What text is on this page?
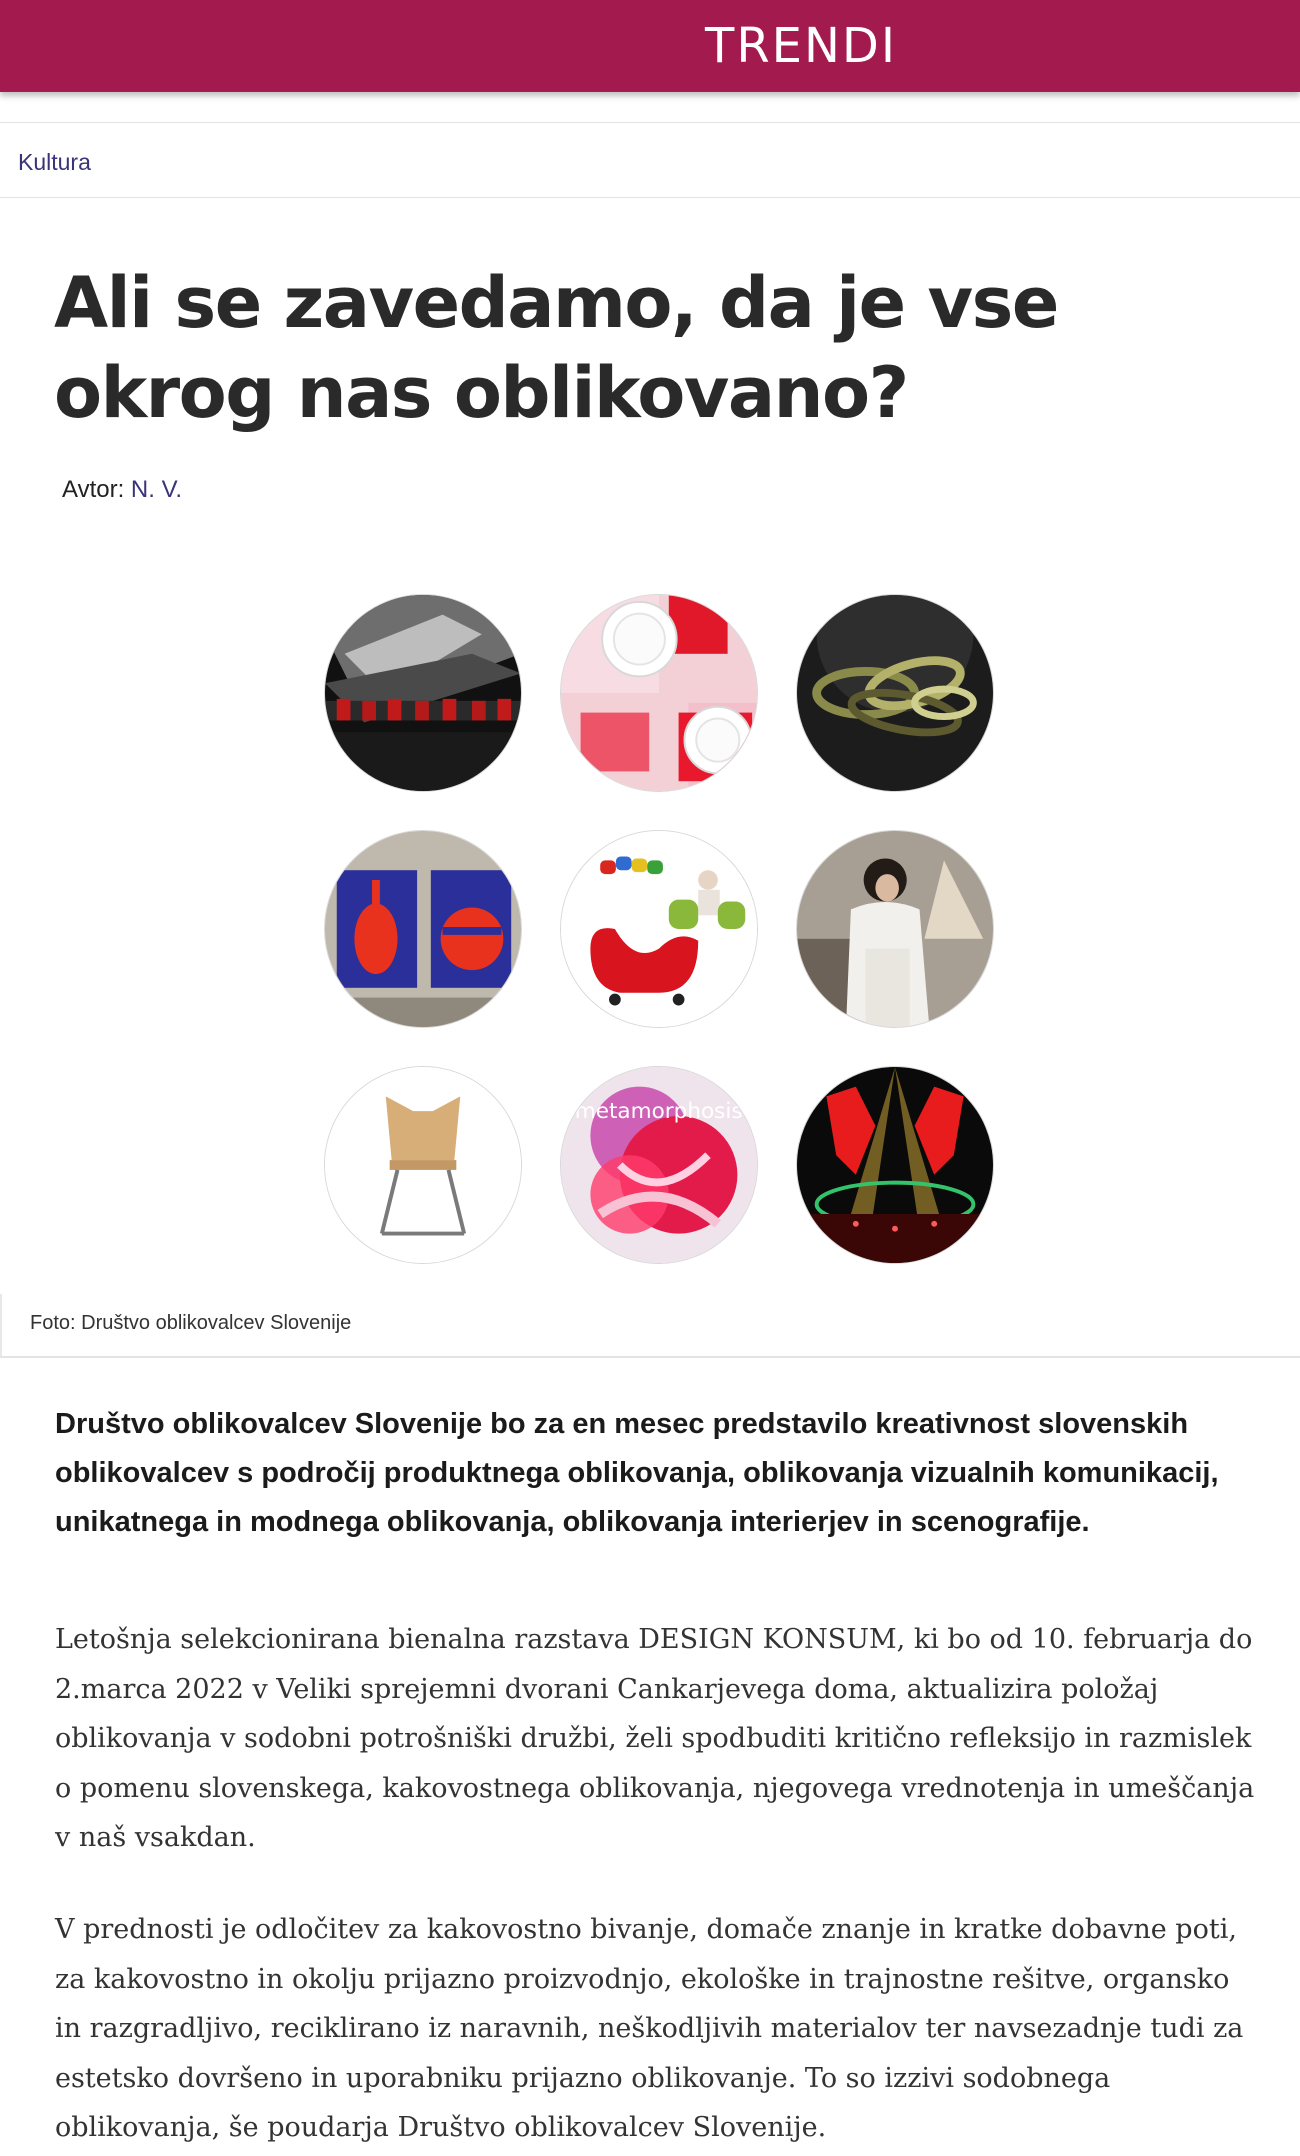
TRENDI
Kultura
Ali se zavedamo, da je vse okrog nas oblikovano?
Avtor: N. V.
metamorphosis
Foto: Društvo oblikovalcev Slovenije

Društvo oblikovalcev Slovenije bo za en mesec predstavilo kreativnost slovenskih oblikovalcev s področij produktnega oblikovanja, oblikovanja vizualnih komunikacij, unikatnega in modnega oblikovanja, oblikovanja interierjev in scenografije.

Letošnja selekcionirana bienalna razstava DESIGN KONSUM, ki bo od 10. februarja do 2.marca 2022 v Veliki sprejemni dvorani Cankarjevega doma, aktualizira položaj oblikovanja v sodobni potrošniški družbi, želi spodbuditi kritično refleksijo in razmislek o pomenu slovenskega, kakovostnega oblikovanja, njegovega vrednotenja in umeščanja v naš vsakdan.

V prednosti je odločitev za kakovostno bivanje, domače znanje in kratke dobavne poti, za kakovostno in okolju prijazno proizvodnjo, ekološke in trajnostne rešitve, organsko in razgradljivo, reciklirano iz naravnih, neškodljivih materialov ter navsezadnje tudi za estetsko dovršeno in uporabniku prijazno oblikovanje. To so izzivi sodobnega oblikovanja, še poudarja Društvo oblikovalcev Slovenije.
